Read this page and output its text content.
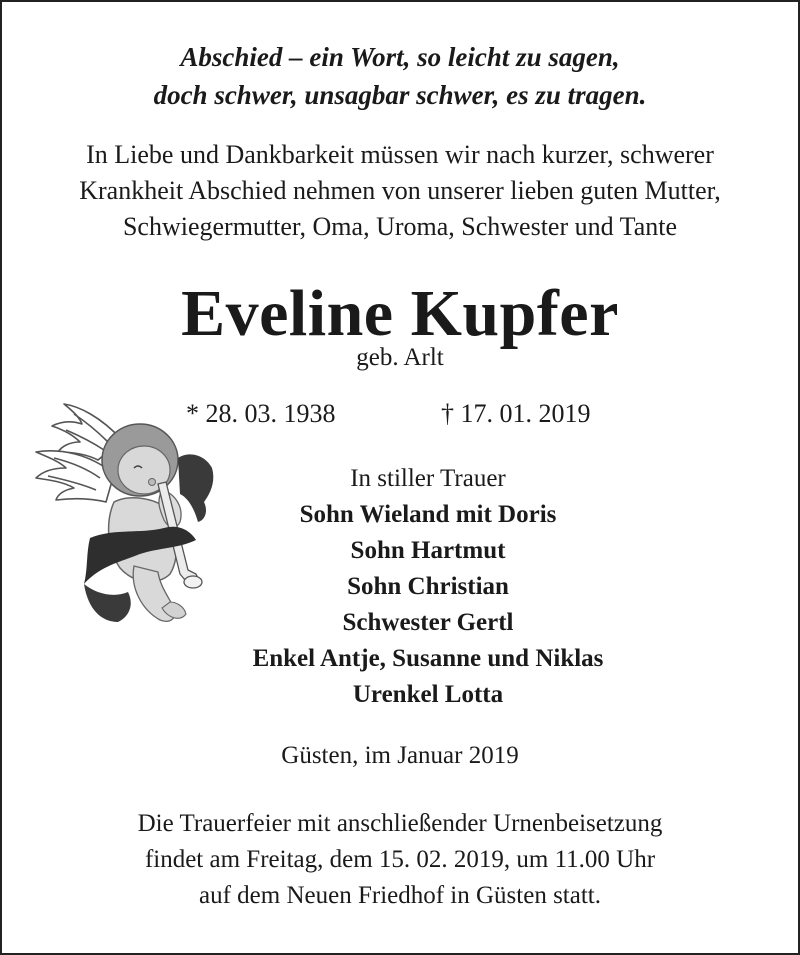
Abschied – ein Wort, so leicht zu sagen,
doch schwer, unsagbar schwer, es zu tragen.
In Liebe und Dankbarkeit müssen wir nach kurzer, schwerer
Krankheit Abschied nehmen von unserer lieben guten Mutter,
Schwiegermutter, Oma, Uroma, Schwester und Tante
Eveline Kupfer
geb. Arlt
* 28. 03. 1938	† 17. 01. 2019
In stiller Trauer
Sohn Wieland mit Doris
Sohn Hartmut
Sohn Christian
Schwester Gertl
Enkel Antje, Susanne und Niklas
Urenkel Lotta
Güsten, im Januar 2019
Die Trauerfeier mit anschließender Urnenbeisetzung
findet am Freitag, dem 15. 02. 2019, um 11.00 Uhr
auf dem Neuen Friedhof in Güsten statt.
